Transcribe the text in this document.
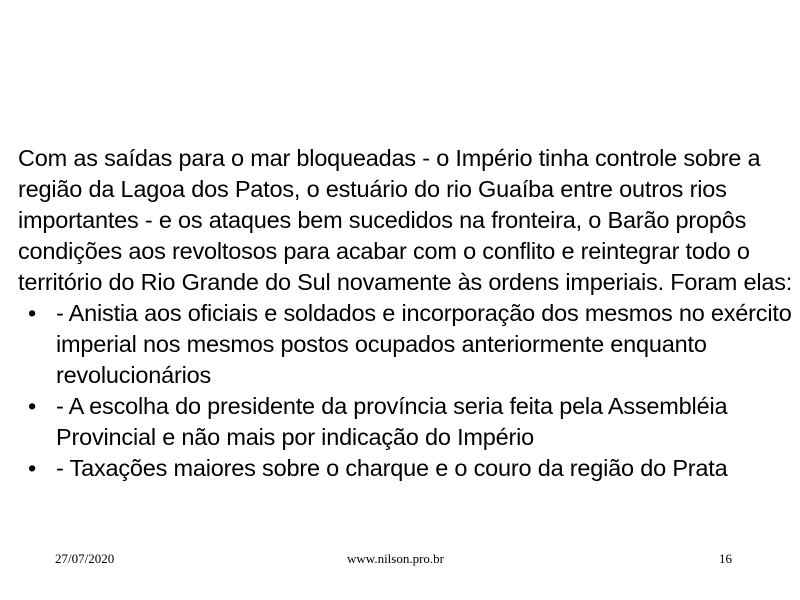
Com as saídas para o mar bloqueadas - o Império tinha controle sobre a região da Lagoa dos Patos, o estuário do rio Guaíba entre outros rios importantes - e os ataques bem sucedidos na fronteira, o Barão propôs condições aos revoltosos para acabar com o conflito e reintegrar todo o território do Rio Grande do Sul novamente às ordens imperiais. Foram elas:

• - Anistia aos oficiais e soldados e incorporação dos mesmos no exército imperial nos mesmos postos ocupados anteriormente enquanto revolucionários
• - A escolha do presidente da província seria feita pela Assembléia Provincial e não mais por indicação do Império
• - Taxações maiores sobre o charque e o couro da região do Prata
27/07/2020	www.nilson.pro.br	16
